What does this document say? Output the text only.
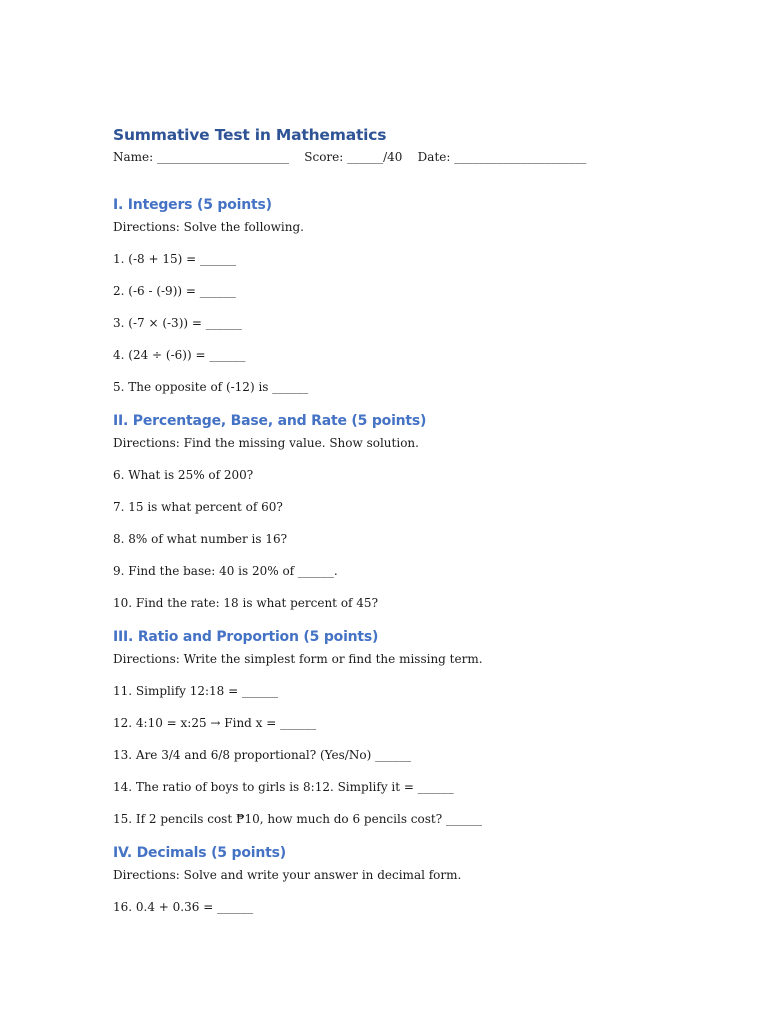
Summative Test in Mathematics
Name: ______________________    Score: ______/40    Date: ______________________
I. Integers (5 points)
Directions: Solve the following.
1. (-8 + 15) = ______
2. (-6 - (-9)) = ______
3. (-7 × (-3)) = ______
4. (24 ÷ (-6)) = ______
5. The opposite of (-12) is ______
II. Percentage, Base, and Rate (5 points)
Directions: Find the missing value. Show solution.
6. What is 25% of 200?
7. 15 is what percent of 60?
8. 8% of what number is 16?
9. Find the base: 40 is 20% of ______.
10. Find the rate: 18 is what percent of 45?
III. Ratio and Proportion (5 points)
Directions: Write the simplest form or find the missing term.
11. Simplify 12:18 = ______
12. 4:10 = x:25 → Find x = ______
13. Are 3/4 and 6/8 proportional? (Yes/No) ______
14. The ratio of boys to girls is 8:12. Simplify it = ______
15. If 2 pencils cost ₱10, how much do 6 pencils cost? ______
IV. Decimals (5 points)
Directions: Solve and write your answer in decimal form.
16. 0.4 + 0.36 = ______
